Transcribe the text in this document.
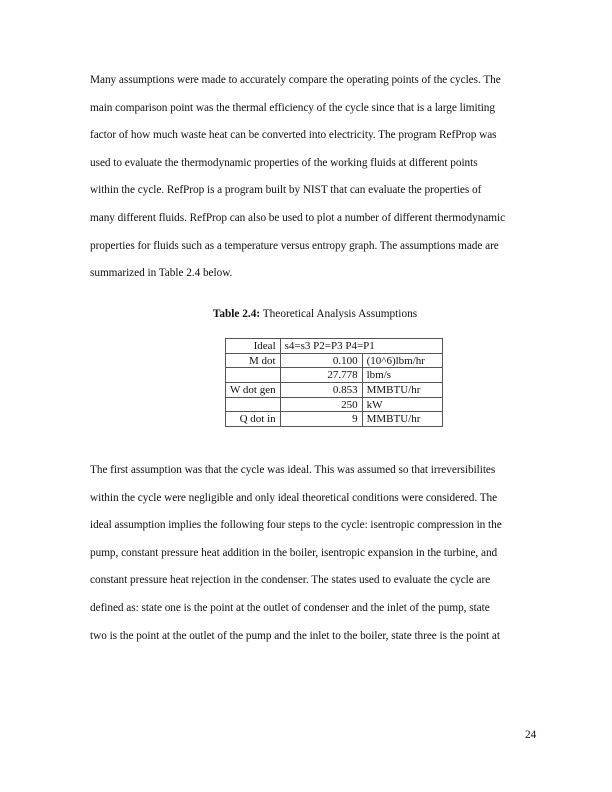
Many assumptions were made to accurately compare the operating points of the cycles. The
main comparison point was the thermal efficiency of the cycle since that is a large limiting
factor of how much waste heat can be converted into electricity. The program RefProp was
used to evaluate the thermodynamic properties of the working fluids at different points
within the cycle. RefProp is a program built by NIST that can evaluate the properties of
many different fluids. RefProp can also be used to plot a number of different thermodynamic
properties for fluids such as a temperature versus entropy graph. The assumptions made are
summarized in Table 2.4 below.
Table 2.4: Theoretical Analysis Assumptions
Ideal	s4=s3 P2=P3 P4=P1	
M dot	0.100	(10^6)lbm/hr
	27.778	lbm/s
W dot gen	0.853	MMBTU/hr
	250	kW
Q dot in	9	MMBTU/hr
The first assumption was that the cycle was ideal. This was assumed so that irreversibilites
within the cycle were negligible and only ideal theoretical conditions were considered. The
ideal assumption implies the following four steps to the cycle: isentropic compression in the
pump, constant pressure heat addition in the boiler, isentropic expansion in the turbine, and
constant pressure heat rejection in the condenser. The states used to evaluate the cycle are
defined as: state one is the point at the outlet of condenser and the inlet of the pump, state
two is the point at the outlet of the pump and the inlet to the boiler, state three is the point at
24
